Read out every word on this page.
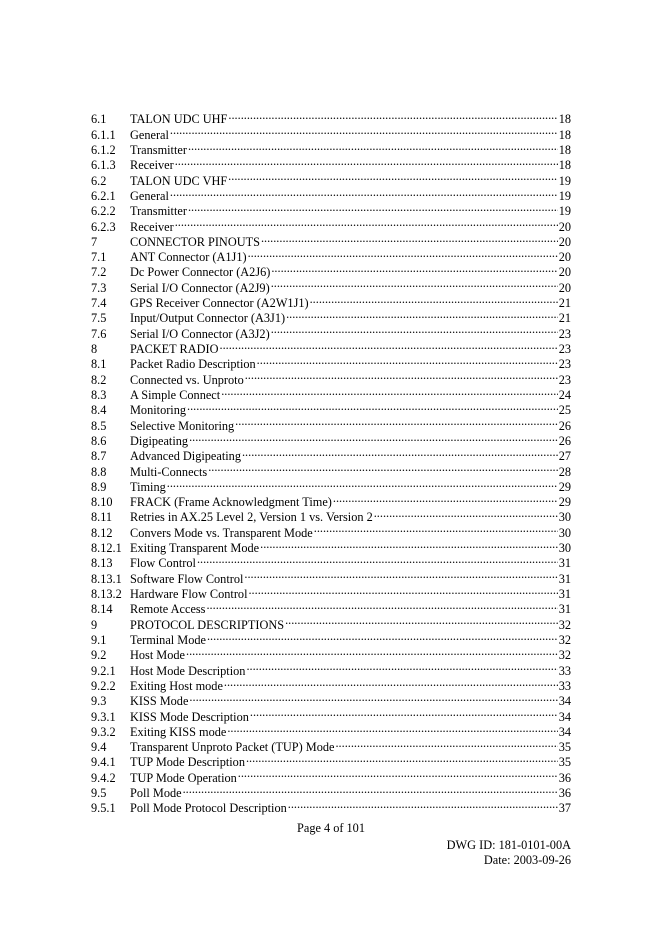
6.1	TALON UDC UHF .....	18
6.1.1	General .....	18
6.1.2	Transmitter .....	18
6.1.3	Receiver .....	18
6.2	TALON UDC VHF .....	19
6.2.1	General .....	19
6.2.2	Transmitter .....	19
6.2.3	Receiver .....	20
7	CONNECTOR PINOUTS .....	20
7.1	ANT Connector (A1J1) .....	20
7.2	Dc Power Connector (A2J6) .....	20
7.3	Serial I/O Connector (A2J9) .....	20
7.4	GPS Receiver Connector (A2W1J1) .....	21
7.5	Input/Output Connector (A3J1) .....	21
7.6	Serial I/O Connector (A3J2) .....	23
8	PACKET RADIO .....	23
8.1	Packet Radio Description .....	23
8.2	Connected vs. Unproto .....	23
8.3	A Simple Connect .....	24
8.4	Monitoring .....	25
8.5	Selective Monitoring .....	26
8.6	Digipeating .....	26
8.7	Advanced Digipeating .....	27
8.8	Multi-Connects .....	28
8.9	Timing .....	29
8.10	FRACK (Frame Acknowledgment Time) .....	29
8.11	Retries in AX.25 Level 2, Version 1 vs. Version 2 .....	30
8.12	Convers Mode vs. Transparent Mode .....	30
8.12.1 Exiting Transparent Mode .....	30
8.13	Flow Control .....	31
8.13.1 Software Flow Control .....	31
8.13.2 Hardware Flow Control .....	31
8.14	Remote Access .....	31
9	PROTOCOL DESCRIPTIONS .....	32
9.1	Terminal Mode .....	32
9.2	Host Mode .....	32
9.2.1	Host Mode Description .....	33
9.2.2	Exiting Host mode .....	33
9.3	KISS Mode .....	34
9.3.1	KISS Mode Description .....	34
9.3.2	Exiting KISS mode .....	34
9.4	Transparent Unproto Packet (TUP) Mode .....	35
9.4.1	TUP Mode Description .....	35
9.4.2	TUP Mode Operation .....	36
9.5	Poll Mode .....	36
9.5.1	Poll Mode Protocol Description .....	37
Page 4 of 101
DWG ID: 181-0101-00A
Date: 2003-09-26
